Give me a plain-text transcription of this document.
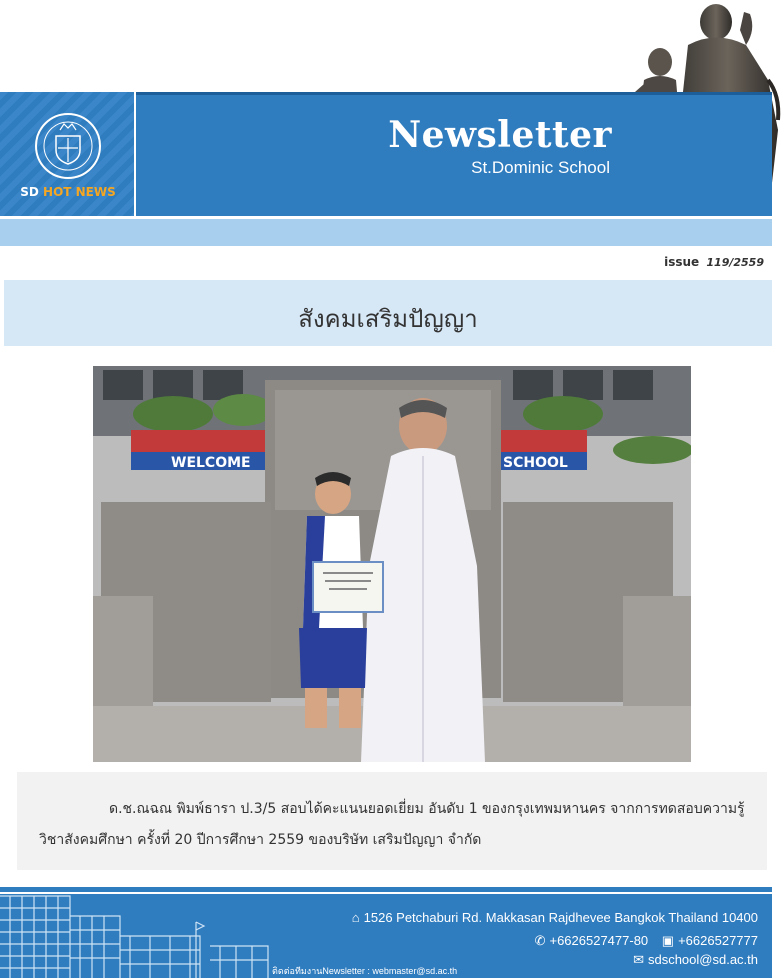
SD HOT NEWS
Newsletter
St.Dominic School
issue 119/2559
สังคมเสริมปัญญา
WELCOME	SCHOOL

ด.ช.ณฉณ พิมพ์ธารา ป.3/5 สอบได้คะแนนยอดเยี่ยม อันดับ 1 ของกรุงเทพมหานคร จากการทดสอบความรู้วิชาสังคมศึกษา ครั้งที่ 20 ปีการศึกษา 2559 ของบริษัท เสริมปัญญา จำกัด

⌂ 1526 Petchaburi Rd. Makkasan Rajdhevee Bangkok Thailand 10400
✆ +6626527477-80 ▣ +6626527777
✉ sdschool@sd.ac.th
ติดต่อทีมงานNewsletter : webmaster@sd.ac.th
